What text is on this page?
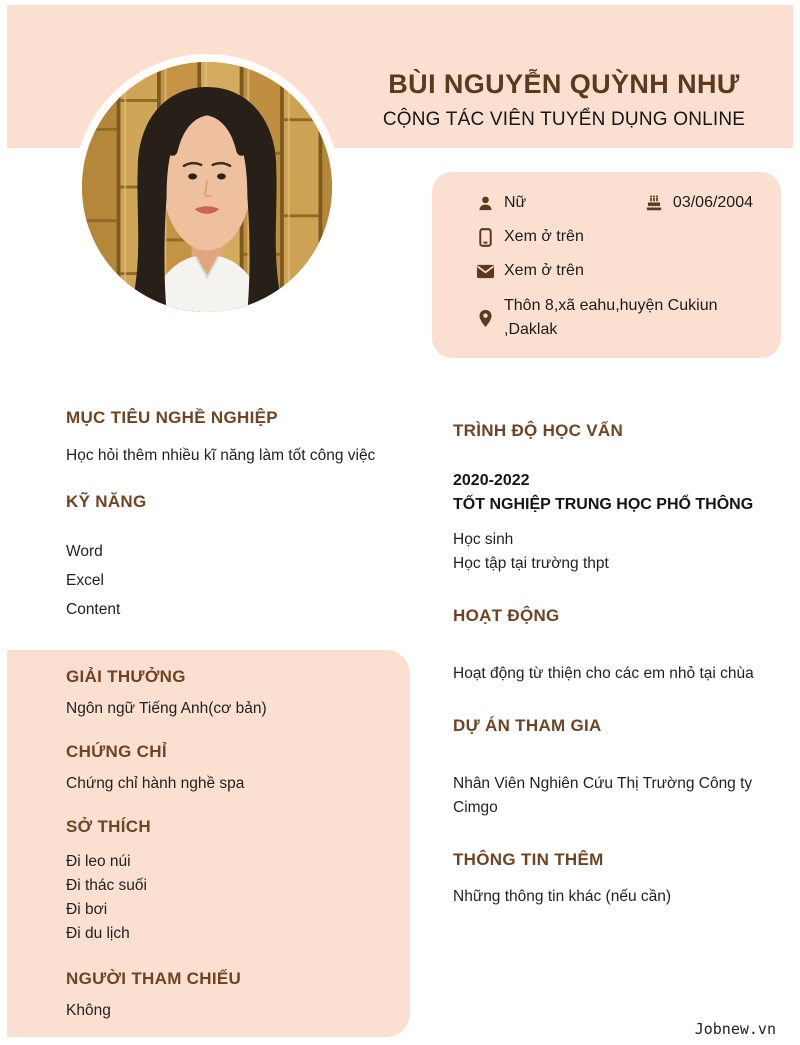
BÙI NGUYỄN QUỲNH NHƯ
CỘNG TÁC VIÊN TUYỂN DỤNG ONLINE
Nữ	03/06/2004
Xem ở trên
Xem ở trên
Thôn 8,xã eahu,huyện Cukiun ,Daklak
MỤC TIÊU NGHỀ NGHIỆP
Học hỏi thêm nhiều kĩ năng làm tốt công việc
KỸ NĂNG
Word
Excel
Content
GIẢI THƯỞNG
Ngôn ngữ Tiếng Anh(cơ bản)
CHỨNG CHỈ
Chứng chỉ hành nghề spa
SỞ THÍCH
Đi leo núi
Đi thác suối
Đi bơi
Đi du lịch
NGƯỜI THAM CHIẾU
Không
TRÌNH ĐỘ HỌC VẤN
2020-2022
TỐT NGHIỆP TRUNG HỌC PHỔ THÔNG
Học sinh
Học tập tại trường thpt
HOẠT ĐỘNG
Hoạt động từ thiện cho các em nhỏ tại chùa
DỰ ÁN THAM GIA
Nhân Viên Nghiên Cứu Thị Trường Công ty Cimgo
THÔNG TIN THÊM
Những thông tin khác (nếu cần)
Jobnew.vn
